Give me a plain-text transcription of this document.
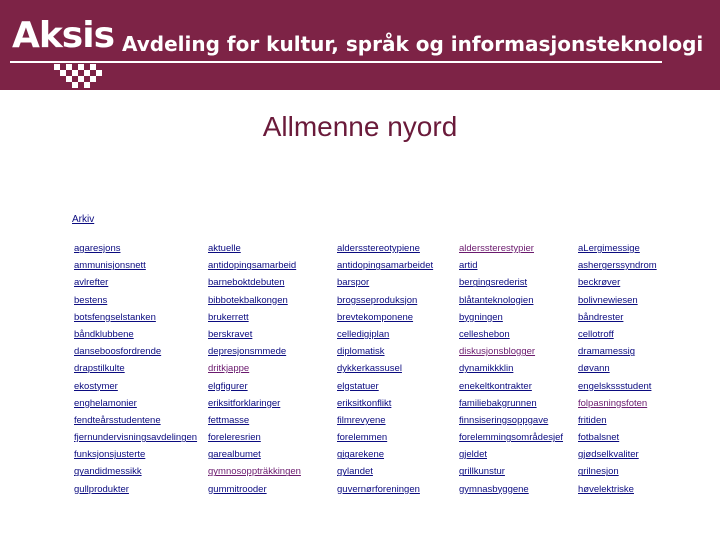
Aksis Avdeling for kultur, språk og informasjonsteknologi
Allmenne nyord
Arkiv
agaresjons	aktuelle	aldersstereotypiene	alderssterestypier	aLergimessige
ammunisjonsnett	antidopingsamarbeid	antidopingsamarbeidet	artid	ashergerssyndrom
avlrefter	barneboktdebuten	barspor	bergingsrederist	beckrøver
bestens	bibbotekbalkongen	brogsseproduksjon	blåtanteknologien	bolivnewiesen
botsfengselstanken	brukerrett	brevtekomponene	bygningen	båndrester
båndklubbene	berskravet	celledigiplan	celleshebon	cellotroff
danseboosfordrende	depresjonsmmede	diplomatisk	diskusjonsblogger	dramamessig
drapstilkulte	dritkjappe	dykkerkassusel	dynamikkklin	døvann
ekostymer	elgfigurer	elgstatuer	enekeltkontrakter	engelskssstudent
enghelamonier	eriksitforklaringer	eriksitkonflikt	familiebakgrunnen	folpasningsfoten
fendteårsstudentene	fettmasse	filmrevyene	finnsiseringsoppgave	fritiden
fjernundervisningsavdelingen	foreleresrien	forelemmen	forelemmingsområdesjef	fotbalsnet
funksjonsjusterte	garealbumet	gigarekene	gjeldet	gjødselkvaliter
gyandidmessikk	gymnosoppträkkingen	gylandet	grillkunstur	grilnesjon
gullprodukter	gummitrooder	guvernørforeningen	gymnasbyggene	høvelektriske
